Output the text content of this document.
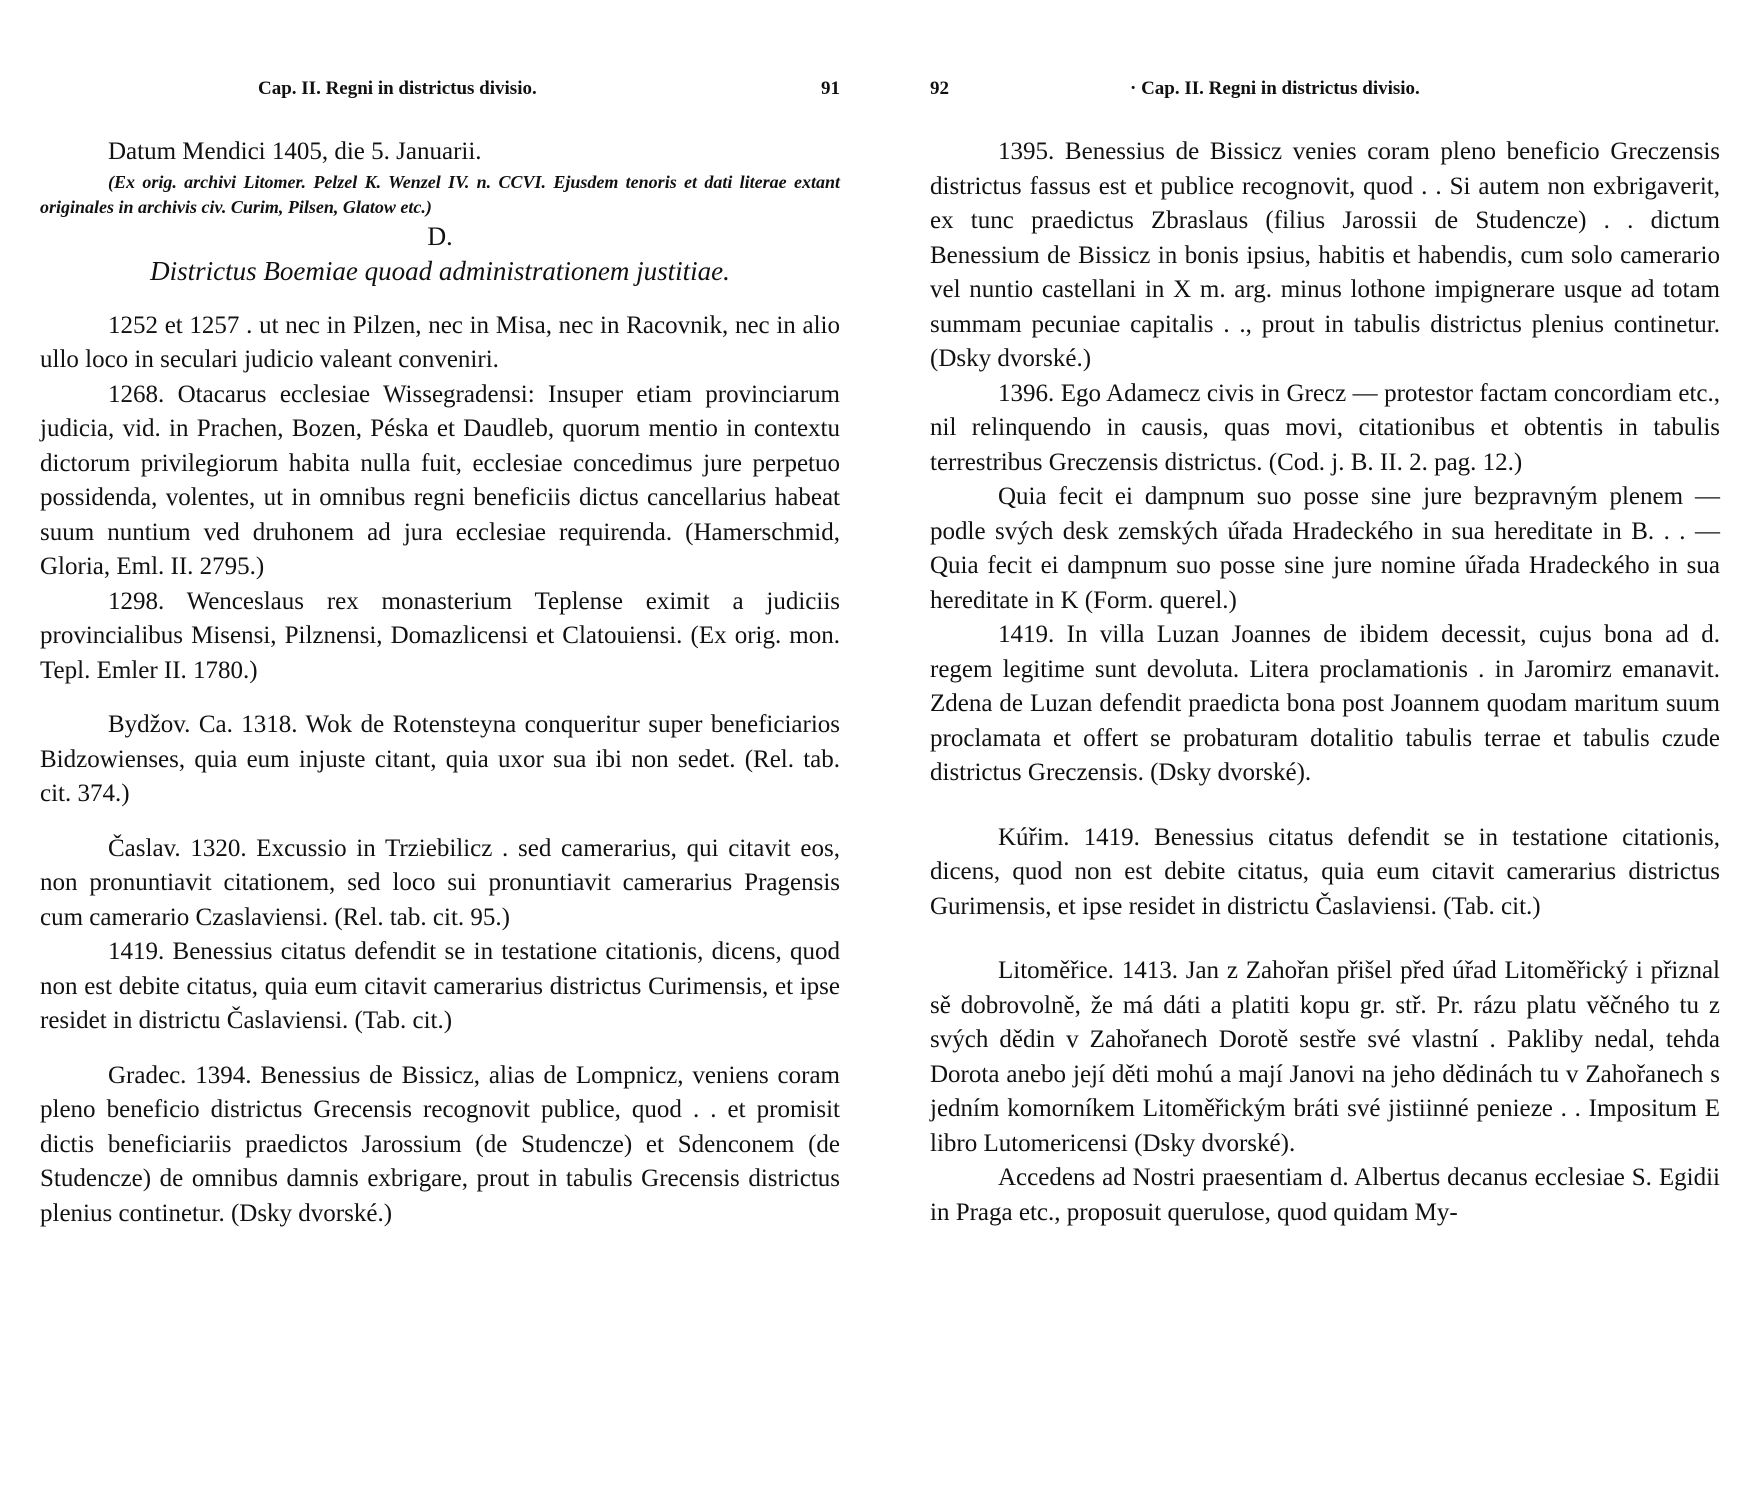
Cap. II. Regni in districtus divisio.	91

Datum Mendici 1405, die 5. Januarii.

(Ex orig. archivi Litomer. Pelzel K. Wenzel IV. n. CCVI. Ejusdem tenoris et dati literae extant originales in archivis civ. Curim, Pilsen, Glatow etc.)

D.

Districtus Boemiae quoad administrationem justitiae.

1252 et 1257 . ut nec in Pilzen, nec in Misa, nec in Racovnik, nec in alio ullo loco in seculari judicio valeant conveniri.

1268. Otacarus ecclesiae Wissegradensi: Insuper etiam provinciarum judicia, vid. in Prachen, Bozen, Péska et Daudleb, quorum mentio in contextu dictorum privilegiorum habita nulla fuit, ecclesiae concedimus jure perpetuo possidenda, volentes, ut in omnibus regni beneficiis dictus cancellarius habeat suum nuntium ved druhonem ad jura ecclesiae requirenda. (Hamerschmid, Gloria, Eml. II. 2795.)

1298. Wenceslaus rex monasterium Teplense eximit a judiciis provincialibus Misensi, Pilznensi, Domazlicensi et Clatouiensi. (Ex orig. mon. Tepl. Emler II. 1780.)

Bydžov. Ca. 1318. Wok de Rotensteyna conqueritur super beneficiarios Bidzowienses, quia eum injuste citant, quia uxor sua ibi non sedet. (Rel. tab. cit. 374.)

Časlav. 1320. Excussio in Trziebilicz . sed camerarius, qui citavit eos, non pronuntiavit citationem, sed loco sui pronuntiavit camerarius Pragensis cum camerario Czaslaviensi. (Rel. tab. cit. 95.)

1419. Benessius citatus defendit se in testatione citationis, dicens, quod non est debite citatus, quia eum citavit camerarius districtus Curimensis, et ipse residet in districtu Časlaviensi. (Tab. cit.)

Gradec. 1394. Benessius de Bissicz, alias de Lompnicz, veniens coram pleno beneficio districtus Grecensis recognovit publice, quod . . et promisit dictis beneficiariis praedictos Jarossium (de Studencze) et Sdenconem (de Studencze) de omnibus damnis exbrigare, prout in tabulis Grecensis districtus plenius continetur. (Dsky dvorské.)

92	· Cap. II. Regni in districtus divisio.

1395. Benessius de Bissicz venies coram pleno beneficio Greczensis districtus fassus est et publice recognovit, quod . . Si autem non exbrigaverit, ex tunc praedictus Zbraslaus (filius Jarossii de Studencze) . . dictum Benessium de Bissicz in bonis ipsius, habitis et habendis, cum solo camerario vel nuntio castellani in X m. arg. minus lothone impignerare usque ad totam summam pecuniae capitalis . ., prout in tabulis districtus plenius continetur. (Dsky dvorské.)

1396. Ego Adamecz civis in Grecz — protestor factam concordiam etc., nil relinquendo in causis, quas movi, citationibus et obtentis in tabulis terrestribus Greczensis districtus. (Cod. j. B. II. 2. pag. 12.)

Quia fecit ei dampnum suo posse sine jure bezpravným plenem — podle svých desk zemských úřada Hradeckého in sua hereditate in B. . . — Quia fecit ei dampnum suo posse sine jure nomine úřada Hradeckého in sua hereditate in K (Form. querel.)

1419. In villa Luzan Joannes de ibidem decessit, cujus bona ad d. regem legitime sunt devoluta. Litera proclamationis . in Jaromirz emanavit. Zdena de Luzan defendit praedicta bona post Joannem quodam maritum suum proclamata et offert se probaturam dotalitio tabulis terrae et tabulis czude districtus Greczensis. (Dsky dvorské).

Kúřim. 1419. Benessius citatus defendit se in testatione citationis, dicens, quod non est debite citatus, quia eum citavit camerarius districtus Gurimensis, et ipse residet in districtu Časlaviensi. (Tab. cit.)

Litoměřice. 1413. Jan z Zahořan přišel před úřad Litoměřický i přiznal sě dobrovolně, že má dáti a platiti kopu gr. stř. Pr. rázu platu věčného tu z svých dědin v Zahořanech Dorotě sestře své vlastní . Pakliby nedal, tehda Dorota anebo její děti mohú a mají Janovi na jeho dědinách tu v Zahořanech s jedním komorníkem Litoměřickým bráti své jistiinné penieze . . Impositum E libro Lutomericensi (Dsky dvorské).

Accedens ad Nostri praesentiam d. Albertus decanus ecclesiae S. Egidii in Praga etc., proposuit querulose, quod quidam My-
